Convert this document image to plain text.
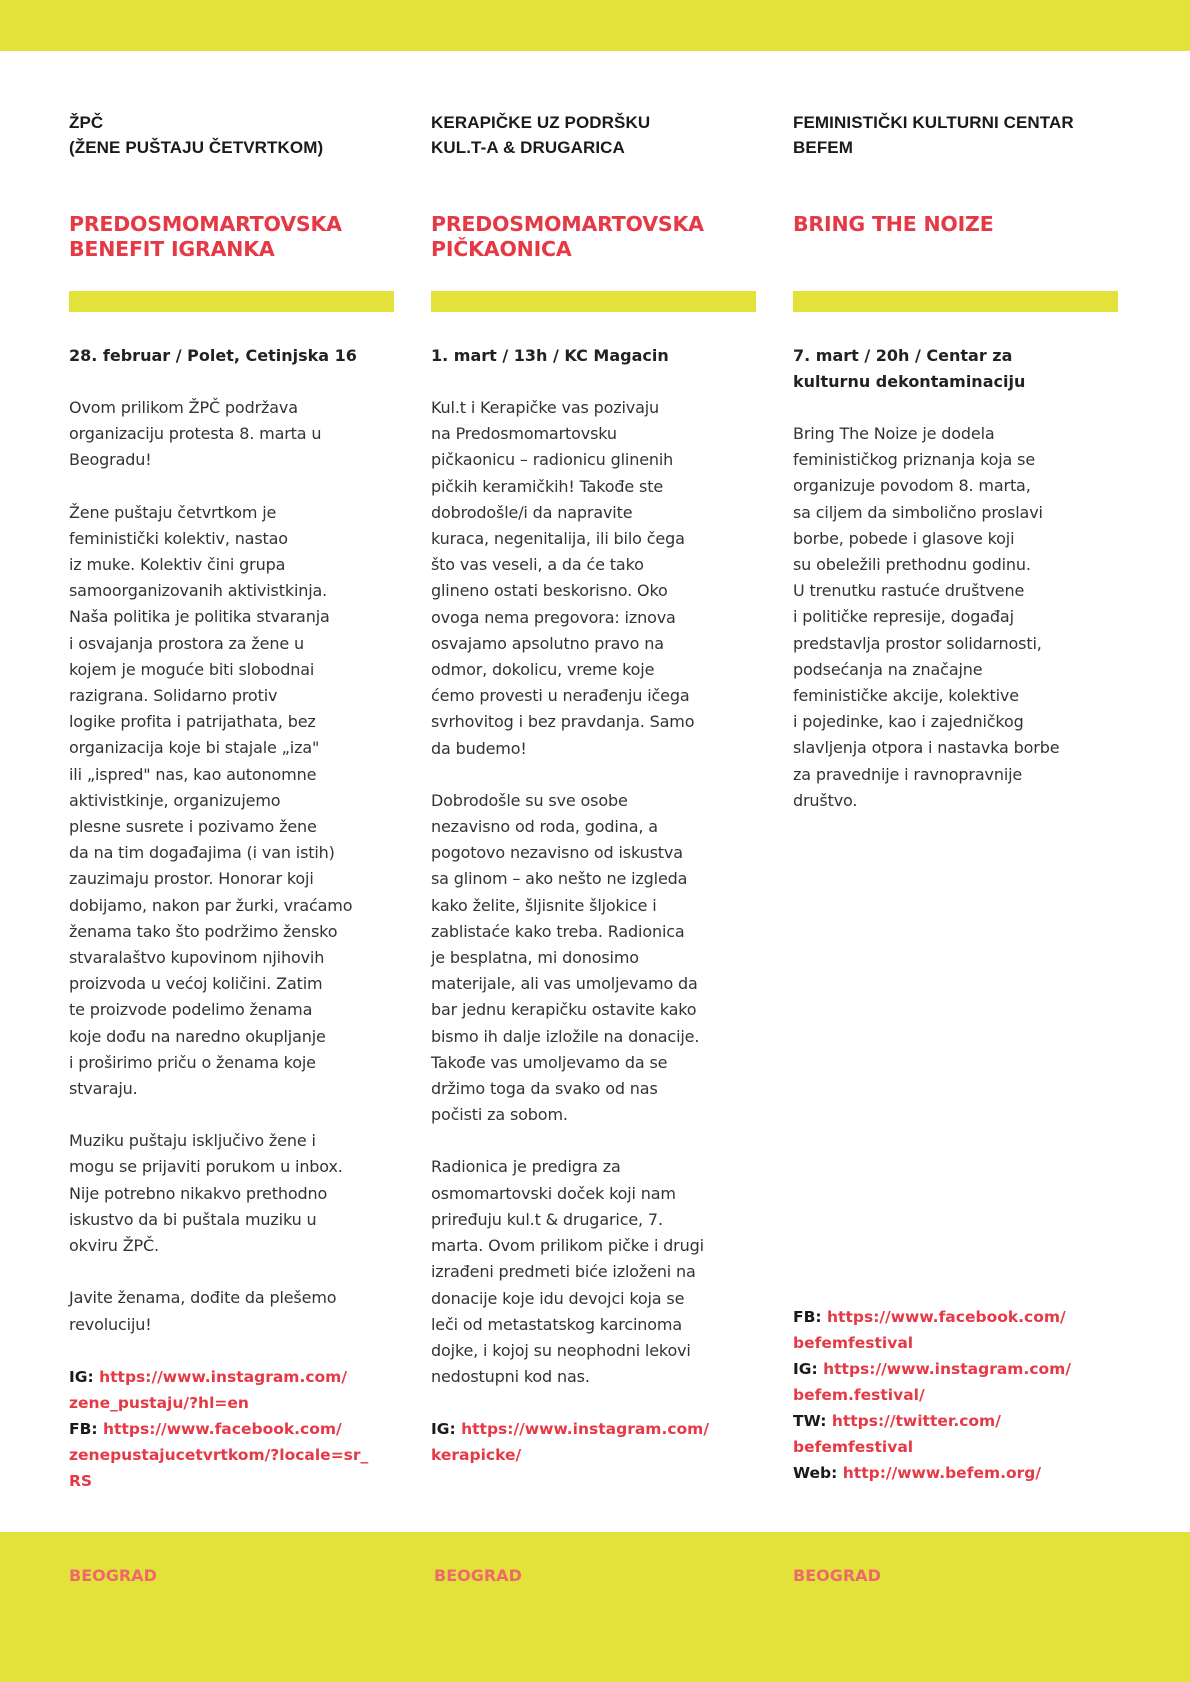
ŽPČ
(ŽENE PUŠTAJU ČETVRTKOM)
PREDOSMOMARTOVSKA
BENEFIT IGRANKA
28. februar / Polet, Cetinjska 16
Ovom prilikom ŽPČ podržava
organizaciju protesta 8. marta u
Beogradu!
Žene puštaju četvrtkom je
feministički kolektiv, nastao
iz muke. Kolektiv čini grupa
samoorganizovanih aktivistkinja.
Naša politika je politika stvaranja
i osvajanja prostora za žene u
kojem je moguće biti slobodnai
razigrana. Solidarno protiv
logike profita i patrijathata, bez
organizacija koje bi stajale „iza"
ili „ispred" nas, kao autonomne
aktivistkinje, organizujemo
plesne susrete i pozivamo žene
da na tim događajima (i van istih)
zauzimaju prostor. Honorar koji
dobijamo, nakon par žurki, vraćamo
ženama tako što podržimo žensko
stvaralaštvo kupovinom njihovih
proizvoda u većoj količini. Zatim
te proizvode podelimo ženama
koje dođu na naredno okupljanje
i proširimo priču o ženama koje
stvaraju.
Muziku puštaju isključivo žene i
mogu se prijaviti porukom u inbox.
Nije potrebno nikakvo prethodno
iskustvo da bi puštala muziku u
okviru ŽPČ.
Javite ženama, dođite da plešemo
revoluciju!
IG: https://www.instagram.com/
zene_pustaju/?hl=en
FB: https://www.facebook.com/
zenepustajucetvrtkom/?locale=sr_
RS
KERAPIČKE UZ PODRŠKU
KUL.T-A & DRUGARICA
PREDOSMOMARTOVSKA
PIČKAONICA
1. mart / 13h / KC Magacin
Kul.t i Kerapičke vas pozivaju
na Predosmomartovsku
pičkaonicu – radionicu glinenih
pičkih keramičkih! Takođe ste
dobrodošle/i da napravite
kuraca, negenitalija, ili bilo čega
što vas veseli, a da će tako
glineno ostati beskorisno. Oko
ovoga nema pregovora: iznova
osvajamo apsolutno pravo na
odmor, dokolicu, vreme koje
ćemo provesti u nerađenju ičega
svrhovitog i bez pravdanja. Samo
da budemo!
Dobrodošle su sve osobe
nezavisno od roda, godina, a
pogotovo nezavisno od iskustva
sa glinom – ako nešto ne izgleda
kako želite, šljisnite šljokice i
zablistaće kako treba. Radionica
je besplatna, mi donosimo
materijale, ali vas umoljevamo da
bar jednu kerapičku ostavite kako
bismo ih dalje izložile na donacije.
Takođe vas umoljevamo da se
držimo toga da svako od nas
počisti za sobom.
Radionica je predigra za
osmomartovski doček koji nam
priređuju kul.t & drugarice, 7.
marta. Ovom prilikom pičke i drugi
izrađeni predmeti biće izloženi na
donacije koje idu devojci koja se
leči od metastatskog karcinoma
dojke, i kojoj su neophodni lekovi
nedostupni kod nas.
IG: https://www.instagram.com/
kerapicke/
FEMINISTIČKI KULTURNI CENTAR
BEFEM
BRING THE NOIZE
7. mart / 20h / Centar za
kulturnu dekontaminaciju
Bring The Noize je dodela
feminističkog priznanja koja se
organizuje povodom 8. marta,
sa ciljem da simbolično proslavi
borbe, pobede i glasove koji
su obeležili prethodnu godinu.
U trenutku rastuće društvene
i političke represije, događaj
predstavlja prostor solidarnosti,
podsećanja na značajne
feminističke akcije, kolektive
i pojedinke, kao i zajedničkog
slavljenja otpora i nastavka borbe
za pravednije i ravnopravnije
društvo.
FB: https://www.facebook.com/
befemfestival
IG: https://www.instagram.com/
befem.festival/
TW: https://twitter.com/
befemfestival
Web: http://www.befem.org/
BEOGRAD	BEOGRAD	BEOGRAD
